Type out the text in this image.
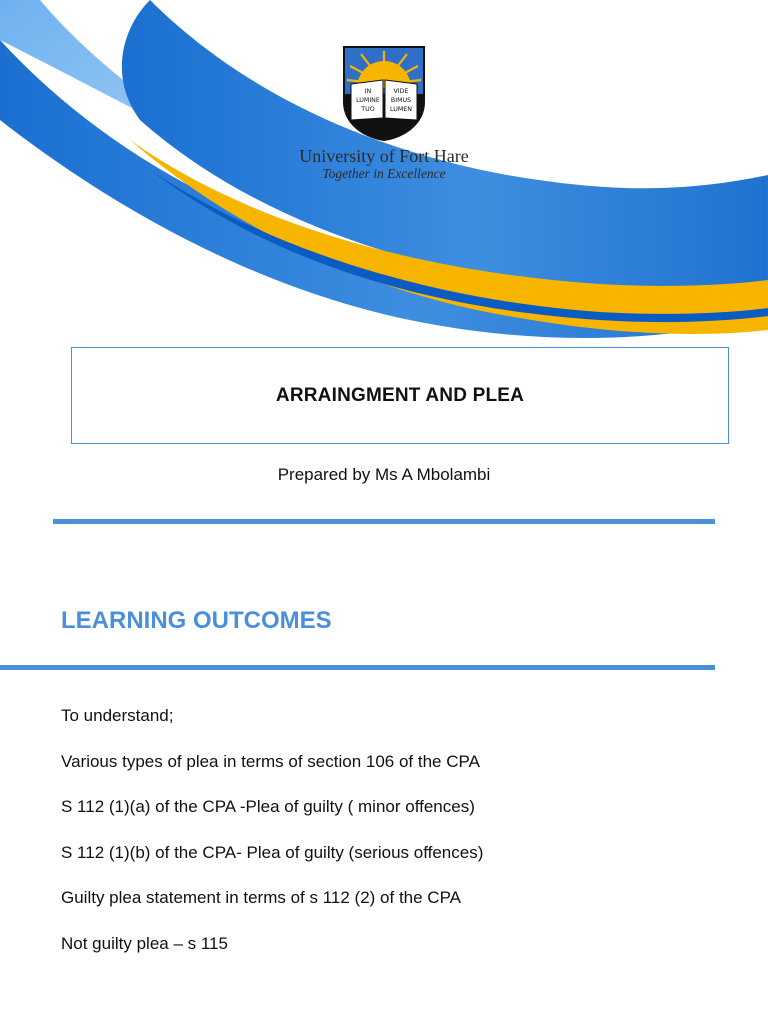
IN
LUMINE
TUO
VIDE
BIMUS
LUMEN
University of Fort Hare
Together in Excellence
ARRAINGMENT AND PLEA
Prepared by Ms A Mbolambi
LEARNING OUTCOMES
To understand;
Various types of plea in terms of section 106 of the CPA
S 112 (1)(a) of the CPA -Plea of guilty ( minor offences)
S 112 (1)(b) of the CPA- Plea of guilty (serious offences)
Guilty plea statement in terms of s 112 (2) of the CPA
Not guilty plea – s 115
